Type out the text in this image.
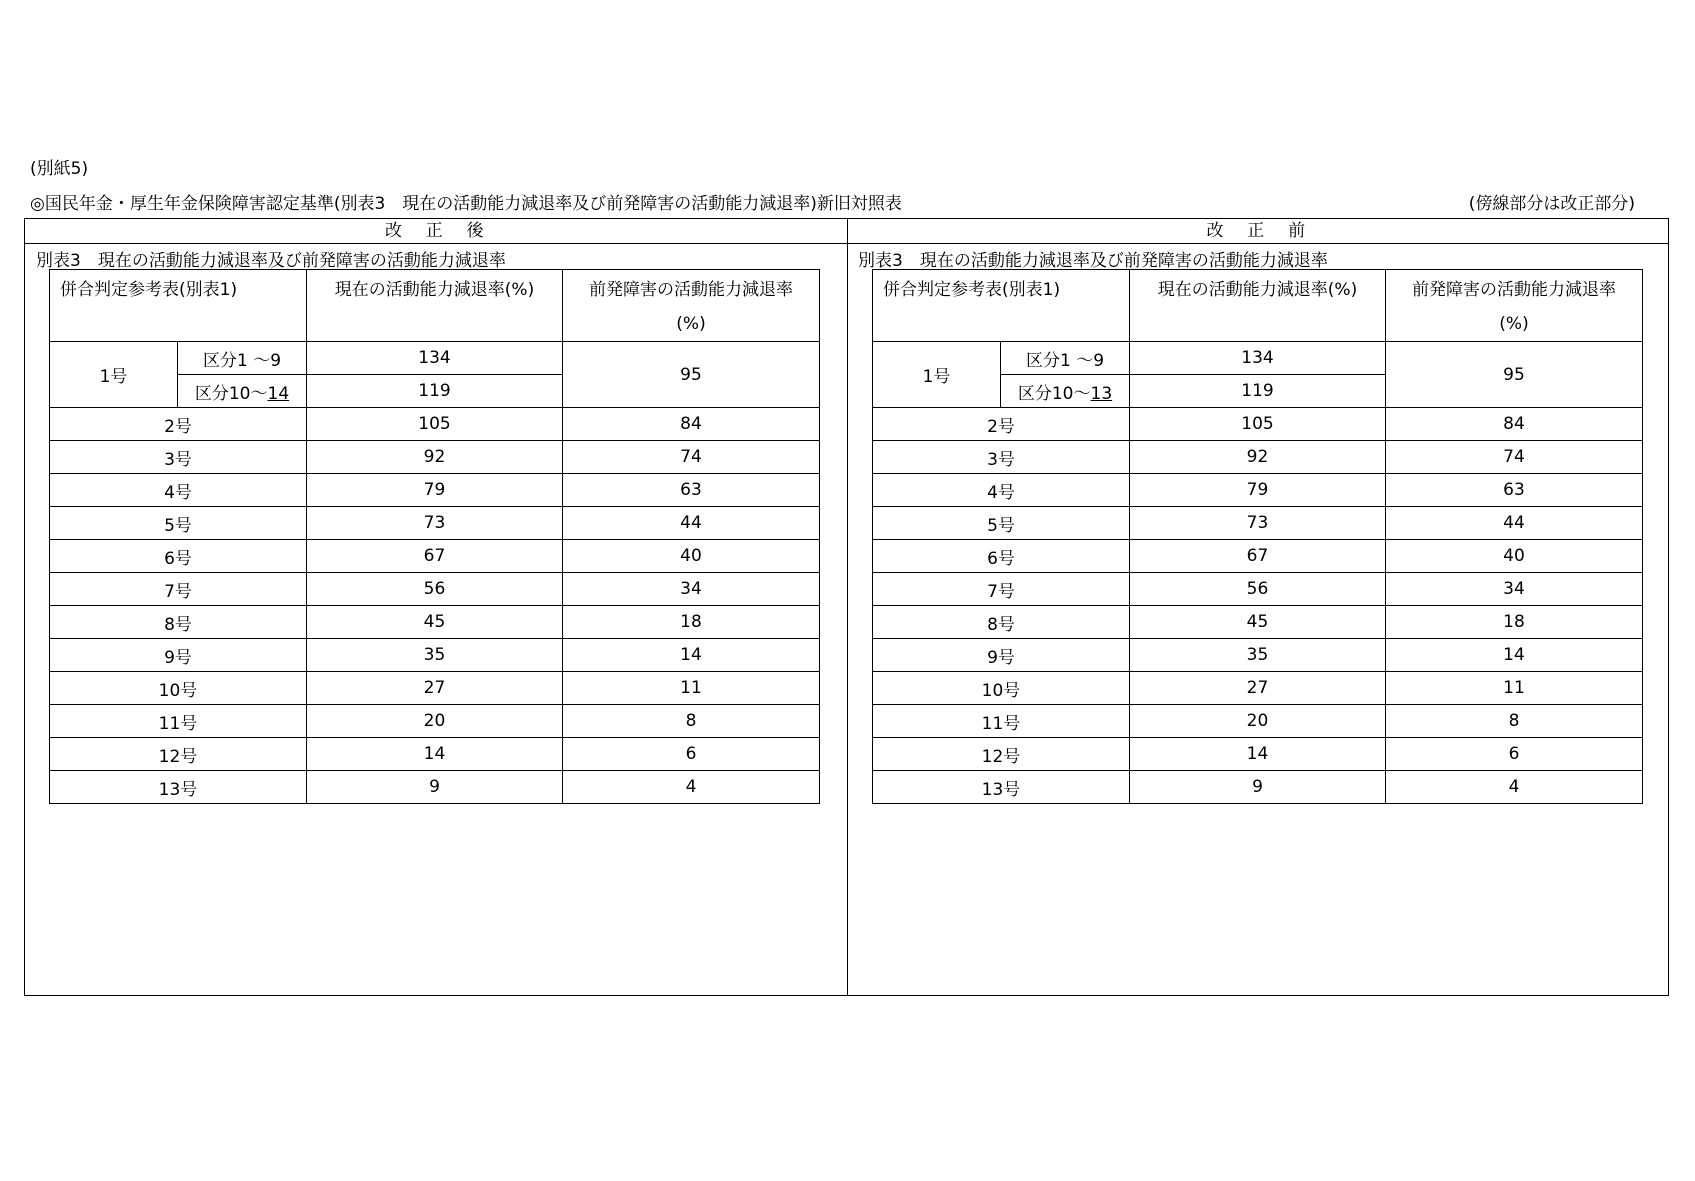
(別紙5)
◎国民年金・厚生年金保険障害認定基準(別表3　現在の活動能力減退率及び前発障害の活動能力減退率)新旧対照表	(傍線部分は改正部分)
改　正　後
別表3　現在の活動能力減退率及び前発障害の活動能力減退率
併合判定参考表(別表1)		現在の活動能力減退率(%)	前発障害の活動能力減退率
(%)
1号	区分1 ～9	134	95
	区分10～14	119	
2号		105	84
3号		92	74
4号		79	63
5号		73	44
6号		67	40
7号		56	34
8号		45	18
9号		35	14
10号		27	11
11号		20	8
12号		14	6
13号		9	4
改　正　前
別表3　現在の活動能力減退率及び前発障害の活動能力減退率
併合判定参考表(別表1)		現在の活動能力減退率(%)	前発障害の活動能力減退率
(%)
1号	区分1 ～9	134	95
	区分10～13	119	
2号		105	84
3号		92	74
4号		79	63
5号		73	44
6号		67	40
7号		56	34
8号		45	18
9号		35	14
10号		27	11
11号		20	8
12号		14	6
13号		9	4
